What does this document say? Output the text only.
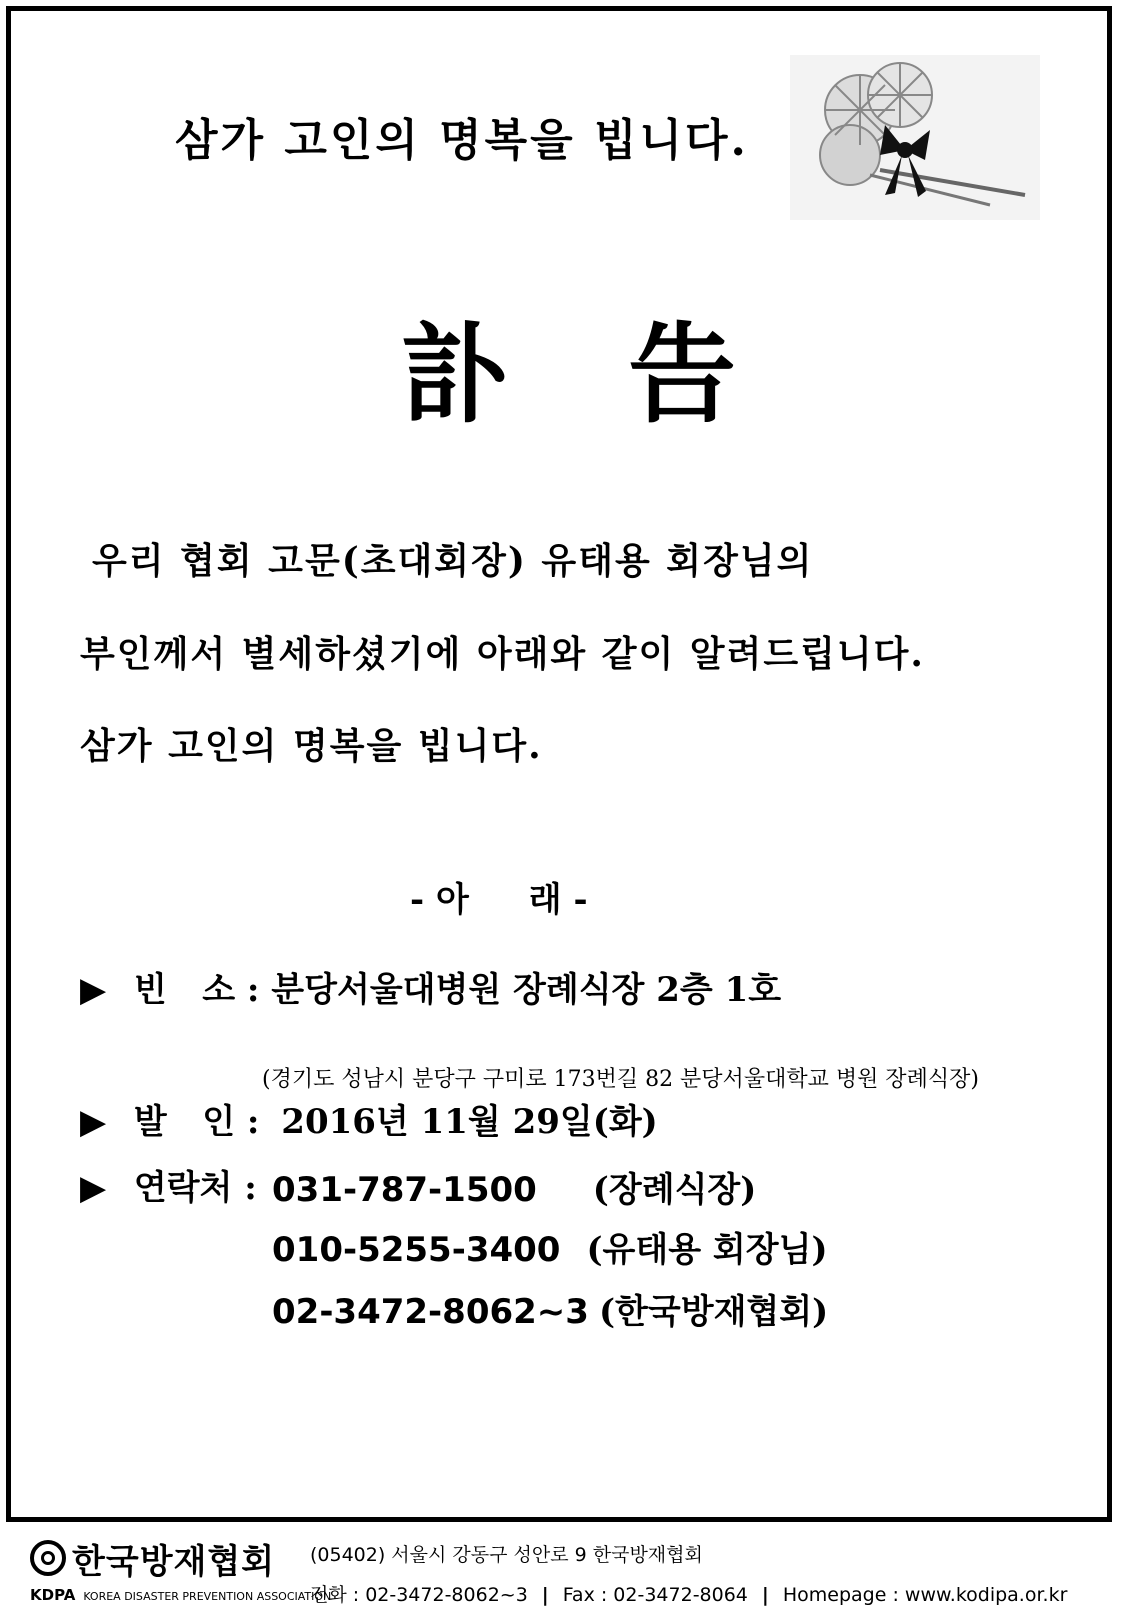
삼가 고인의 명복을 빕니다.
訃 告
우리 협회 고문(초대회장) 유태용 회장님의
부인께서 별세하셨기에 아래와 같이 알려드립니다.
삼가 고인의 명복을 빕니다.
- 아 래 -
▶ 빈   소 : 분당서울대병원 장례식장 2층 1호
(경기도 성남시 분당구 구미로 173번길 82 분당서울대학교 병원 장례식장)
▶ 발   인 : 2016년 11월 29일(화)
▶ 연락처 : 031-787-1500 (장례식장)
010-5255-3400 (유태용 회장님)
02-3472-8062~3 (한국방재협회)
한국방재협회
KDPA KOREA DISASTER PREVENTION ASSOCIATION
(05402) 서울시 강동구 성안로 9 한국방재협회
전화 : 02-3472-8062~3 | Fax : 02-3472-8064 | Homepage : www.kodipa.or.kr
